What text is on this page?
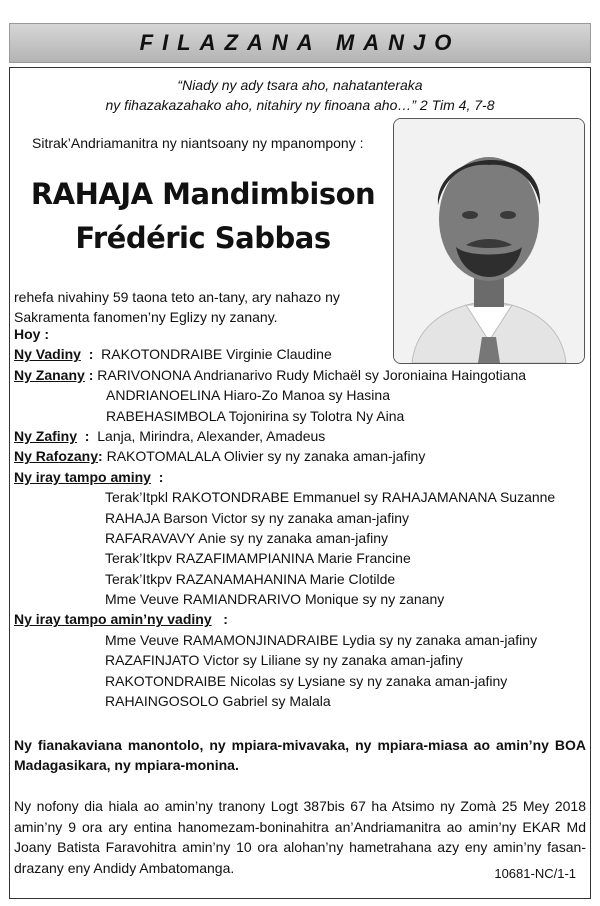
FILAZANA MANJO
“Niady ny ady tsara aho, nahatanteraka
ny fihazakazahako aho, nitahiry ny finoana aho…” 2 Tim 4, 7-8
Sitrak’Andriamanitra ny niantsoany ny mpanompony :
RAHAJA Mandimbison
Frédéric Sabbas
rehefa nivahiny 59 taona teto an-tany, ary nahazo ny
Sakramenta fanomen’ny Eglizy ny zanany.
Hoy :
Ny Vadiny  :  RAKOTONDRAIBE Virginie Claudine
Ny Zanany : RARIVONONA Andrianarivo Rudy Michaël sy Joroniaina Haingotiana
ANDRIANOELINA Hiaro-Zo Manoa sy Hasina
RABEHASIMBOLA Tojonirina sy Tolotra Ny Aina
Ny Zafiny  :  Lanja, Mirindra, Alexander, Amadeus
Ny Rafozany: RAKOTOMALALA Olivier sy ny zanaka aman-jafiny
Ny iray tampo aminy  :
Terak’Itpkl RAKOTONDRABE Emmanuel sy RAHAJAMANANA Suzanne
RAHAJA Barson Victor sy ny zanaka aman-jafiny
RAFARAVAVY Anie sy ny zanaka aman-jafiny
Terak’Itkpv RAZAFIMAMPIANINA Marie Francine
Terak’Itkpv RAZANAMAHANINA Marie Clotilde
Mme Veuve RAMIANDRARIVO Monique sy ny zanany
Ny iray tampo amin’ny vadiny   :
Mme Veuve RAMAMONJINADRAIBE Lydia sy ny zanaka aman-jafiny
RAZAFINJATO Victor sy Liliane sy ny zanaka aman-jafiny
RAKOTONDRAIBE Nicolas sy Lysiane sy ny zanaka aman-jafiny
RAHAINGOSOLO Gabriel sy Malala
Ny fianakaviana manontolo, ny mpiara-mivavaka, ny mpiara-miasa ao amin’ny BOA Madagasikara, ny mpiara-monina.
Ny nofony dia hiala ao amin’ny tranony Logt 387bis 67 ha Atsimo ny Zomà 25 Mey 2018 amin’ny 9 ora ary entina hanomezam-boninahitra an’Andriamanitra ao amin’ny EKAR Md Joany Batista Faravohitra amin’ny 10 ora alohan’ny hametrahana azy eny amin’ny fasan-drazany eny Andidy Ambatomanga.	10681-NC/1-1
